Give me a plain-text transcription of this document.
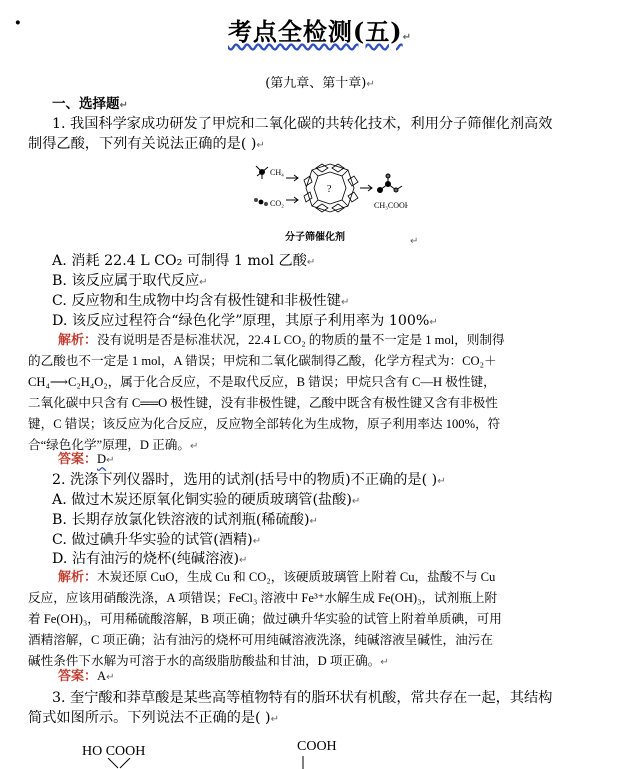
·	考点全检测(五)↵
(第九章、第十章)↵
一、选择题↵
1. 我国科学家成功研发了甲烷和二氧化碳的共转化技术，利用分子筛催化剂高效
制得乙酸，下列有关说法正确的是( )↵
CH₄
CO₂
?
CH₃COOH
分子筛催化剂	↵
A. 消耗 22.4 L CO₂ 可制得 1 mol 乙酸↵
B. 该反应属于取代反应↵
C. 反应物和生成物中均含有极性键和非极性键↵
D. 该反应过程符合“绿色化学”原理，其原子利用率为 100%↵
解析：没有说明是否是标准状况，22.4 L CO₂ 的物质的量不一定是 1 mol，则制得
的乙酸也不一定是 1 mol，A 错误；甲烷和二氧化碳制得乙酸，化学方程式为：CO₂＋
CH₄⟶C₂H₄O₂，属于化合反应，不是取代反应，B 错误；甲烷只含有 C—H 极性键，
二氧化碳中只含有 C══O 极性键，没有非极性键，乙酸中既含有极性键又含有非极性
键，C 错误；该反应为化合反应，反应物全部转化为生成物，原子利用率达 100%，符
合“绿色化学”原理，D 正确。↵
答案：D↵
2. 洗涤下列仪器时，选用的试剂(括号中的物质)不正确的是( )↵
A. 做过木炭还原氧化铜实验的硬质玻璃管(盐酸)↵
B. 长期存放氯化铁溶液的试剂瓶(稀硫酸)↵
C. 做过碘升华实验的试管(酒精)↵
D. 沾有油污的烧杯(纯碱溶液)↵
解析：木炭还原 CuO，生成 Cu 和 CO₂，该硬质玻璃管上附着 Cu，盐酸不与 Cu
反应，应该用硝酸洗涤，A 项错误；FeCl₃ 溶液中 Fe³⁺水解生成 Fe(OH)₃，试剂瓶上附
着 Fe(OH)₃，可用稀硫酸溶解，B 项正确；做过碘升华实验的试管上附着单质碘，可用
酒精溶解，C 项正确；沾有油污的烧杯可用纯碱溶液洗涤，纯碱溶液呈碱性，油污在
碱性条件下水解为可溶于水的高级脂肪酸盐和甘油，D 项正确。↵
答案：A↵
3. 奎宁酸和莽草酸是某些高等植物特有的脂环状有机酸，常共存在一起，其结构
简式如图所示。下列说法不正确的是( )↵
HO COOH	COOH
